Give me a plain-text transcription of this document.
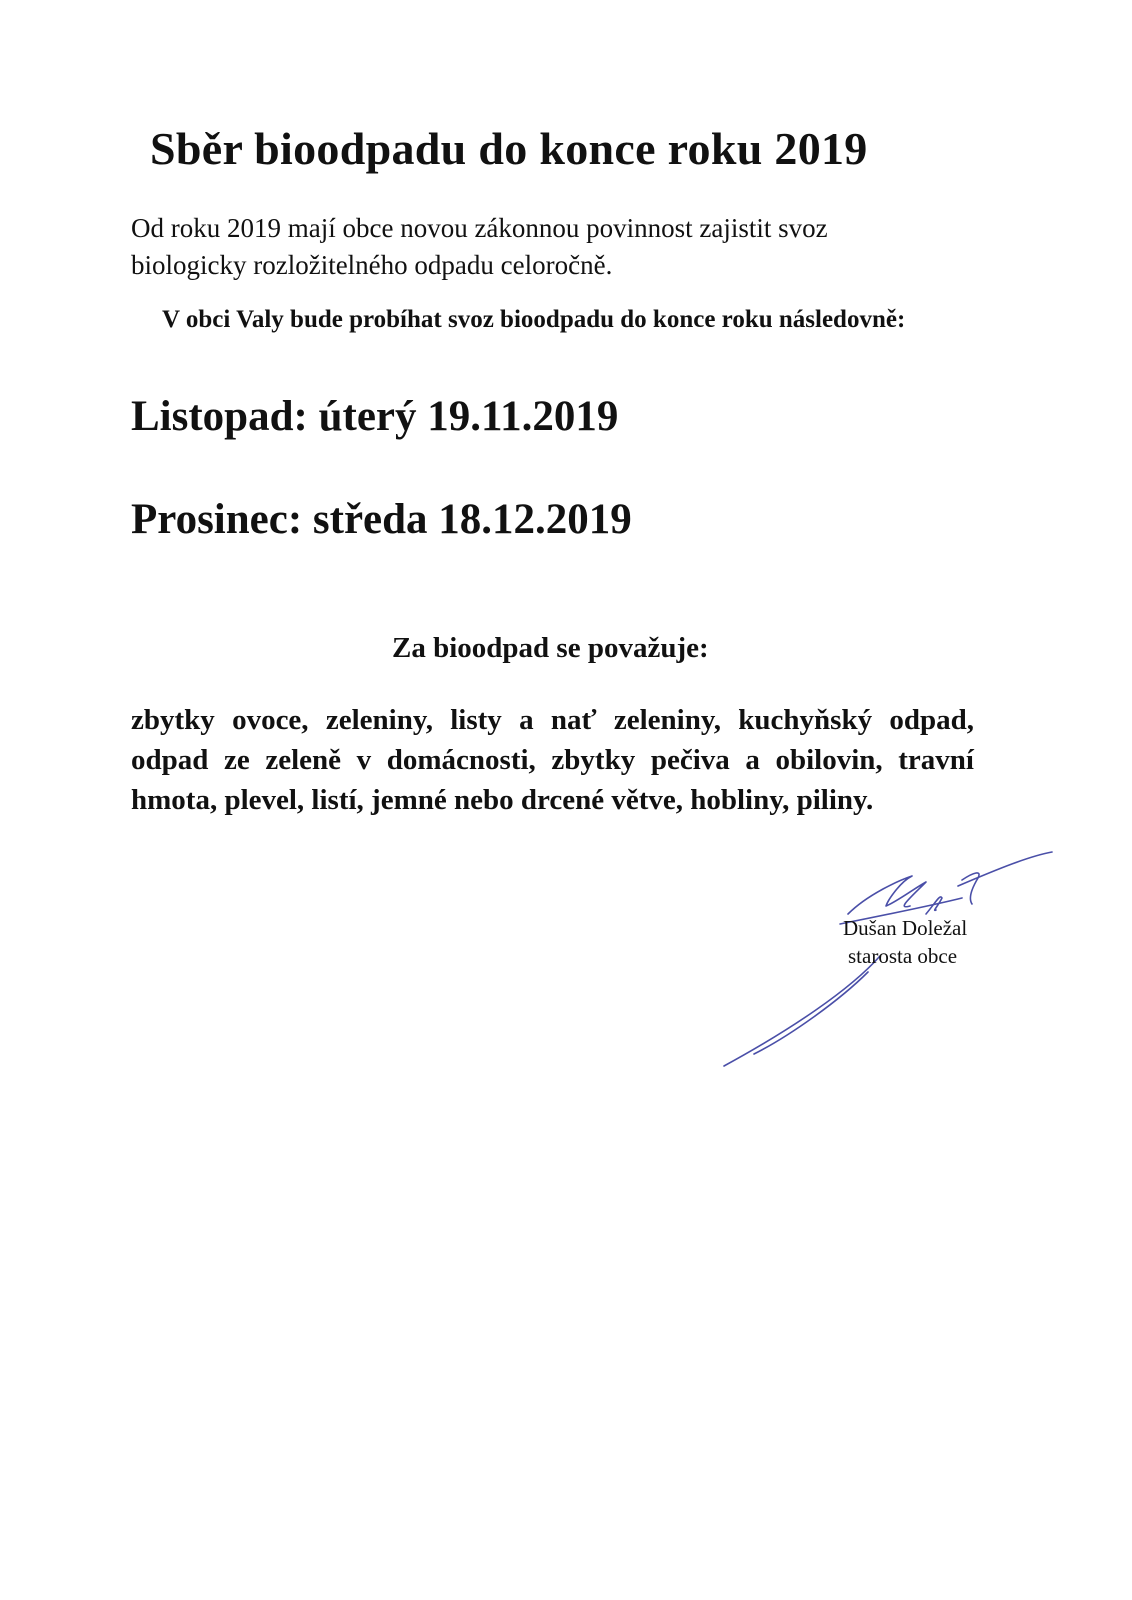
Sběr bioodpadu do konce roku 2019

Od roku 2019 mají obce novou zákonnou povinnost zajistit svoz biologicky rozložitelného odpadu celoročně.

V obci Valy bude probíhat svoz bioodpadu do konce roku následovně:

Listopad: úterý 19.11.2019

Prosinec: středa 18.12.2019

Za bioodpad se považuje:

zbytky ovoce, zeleniny, listy a nať zeleniny, kuchyňský odpad, odpad ze zeleně v domácnosti, zbytky pečiva a obilovin, travní hmota, plevel, listí, jemné nebo drcené větve, hobliny, piliny.

Dušan Doležal

starosta obce
